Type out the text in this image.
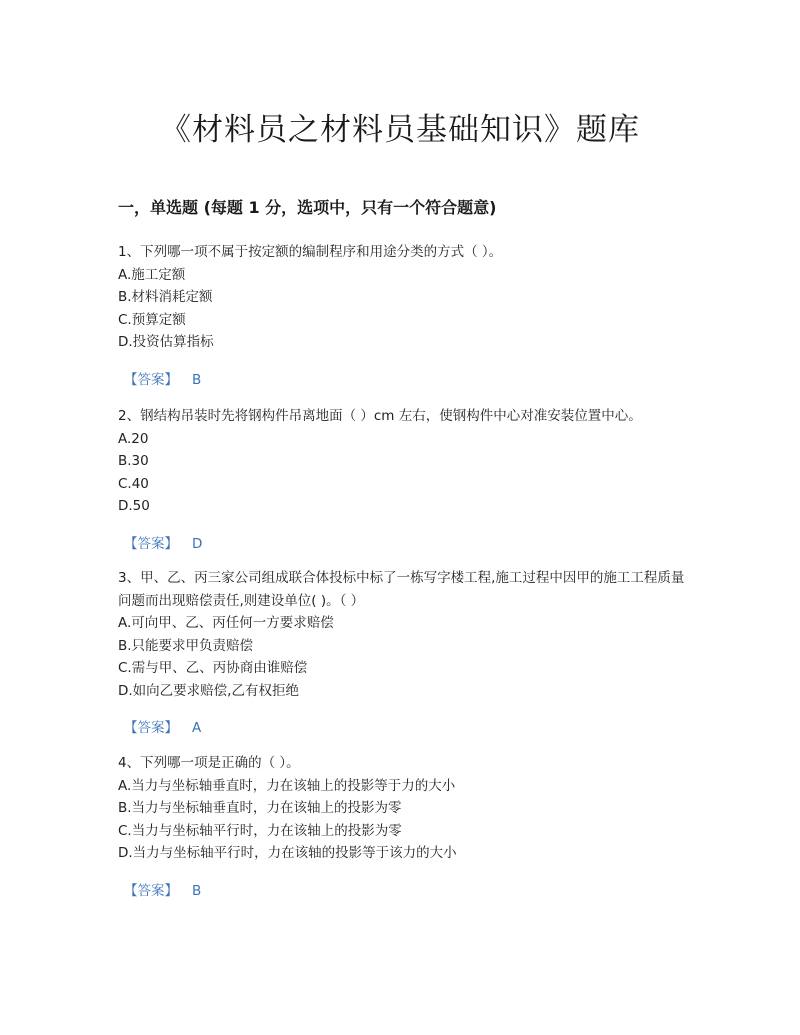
《材料员之材料员基础知识》题库
一，单选题 (每题 1 分，选项中，只有一个符合题意)

1、下列哪一项不属于按定额的编制程序和用途分类的方式（ ）。

A.施工定额

B.材料消耗定额

C.预算定额

D.投资估算指标

【答案】 B

2、钢结构吊装时先将钢构件吊离地面（ ）cm 左右，使钢构件中心对准安装位置中心。

A.20

B.30

C.40

D.50

【答案】 D

3、甲、乙、丙三家公司组成联合体投标中标了一栋写字楼工程,施工过程中因甲的施工工程质量问题而出现赔偿责任,则建设单位( )。（ ）

A.可向甲、乙、丙任何一方要求赔偿

B.只能要求甲负责赔偿

C.需与甲、乙、丙协商由谁赔偿

D.如向乙要求赔偿,乙有权拒绝

【答案】 A

4、下列哪一项是正确的（ ）。

A.当力与坐标轴垂直时，力在该轴上的投影等于力的大小

B.当力与坐标轴垂直时，力在该轴上的投影为零

C.当力与坐标轴平行时，力在该轴上的投影为零

D.当力与坐标轴平行时，力在该轴的投影等于该力的大小

【答案】 B
